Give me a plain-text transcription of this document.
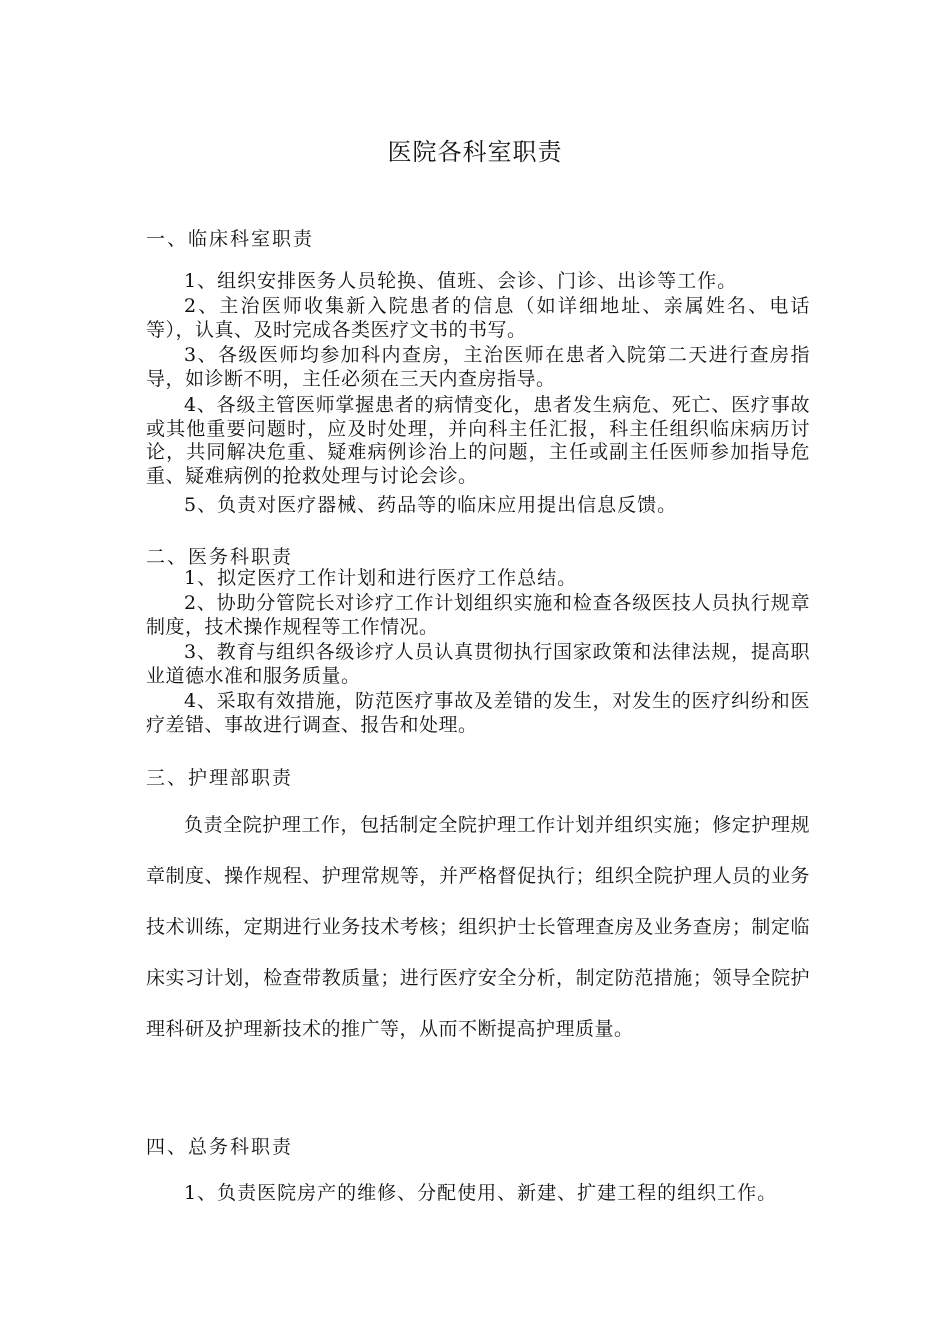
医院各科室职责
一、临床科室职责
1、组织安排医务人员轮换、值班、会诊、门诊、出诊等工作。
2、主治医师收集新入院患者的信息（如详细地址、亲属姓名、电话等），认真、及时完成各类医疗文书的书写。
3、各级医师均参加科内查房，主治医师在患者入院第二天进行查房指导，如诊断不明，主任必须在三天内查房指导。
4、各级主管医师掌握患者的病情变化，患者发生病危、死亡、医疗事故或其他重要问题时，应及时处理，并向科主任汇报，科主任组织临床病历讨论，共同解决危重、疑难病例诊治上的问题，主任或副主任医师参加指导危重、疑难病例的抢救处理与讨论会诊。
5、负责对医疗器械、药品等的临床应用提出信息反馈。
二、医务科职责
1、拟定医疗工作计划和进行医疗工作总结。
2、协助分管院长对诊疗工作计划组织实施和检查各级医技人员执行规章制度，技术操作规程等工作情况。
3、教育与组织各级诊疗人员认真贯彻执行国家政策和法律法规，提高职业道德水准和服务质量。
4、采取有效措施，防范医疗事故及差错的发生，对发生的医疗纠纷和医疗差错、事故进行调查、报告和处理。
三、护理部职责
负责全院护理工作，包括制定全院护理工作计划并组织实施；修定护理规章制度、操作规程、护理常规等，并严格督促执行；组织全院护理人员的业务技术训练，定期进行业务技术考核；组织护士长管理查房及业务查房；制定临床实习计划，检查带教质量；进行医疗安全分析，制定防范措施；领导全院护理科研及护理新技术的推广等，从而不断提高护理质量。
四、总务科职责
1、负责医院房产的维修、分配使用、新建、扩建工程的组织工作。
